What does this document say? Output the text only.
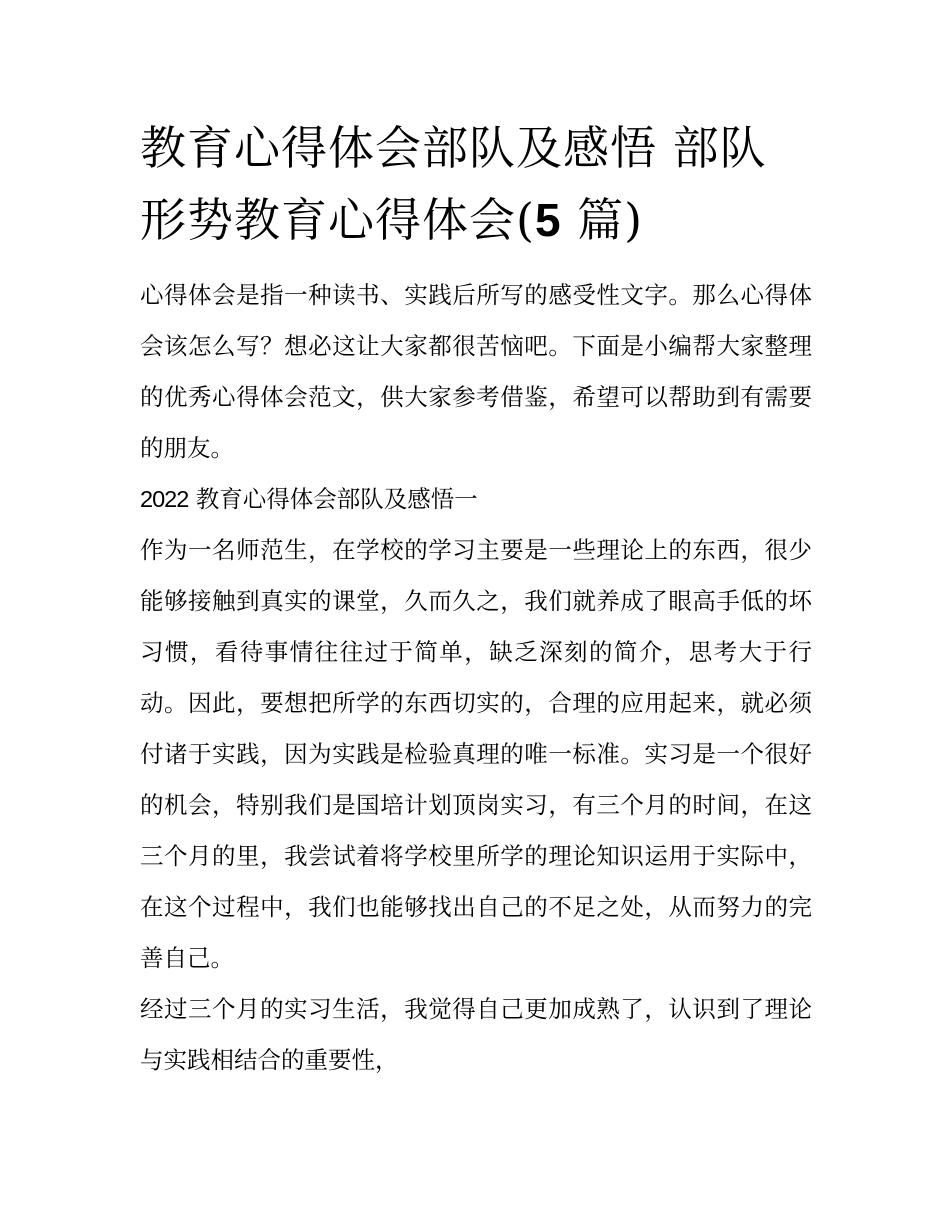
教育心得体会部队及感悟 部队形势教育心得体会(5 篇)

心得体会是指一种读书、实践后所写的感受性文字。那么心得体会该怎么写？想必这让大家都很苦恼吧。下面是小编帮大家整理的优秀心得体会范文，供大家参考借鉴，希望可以帮助到有需要的朋友。

2022 教育心得体会部队及感悟一

作为一名师范生，在学校的学习主要是一些理论上的东西，很少能够接触到真实的课堂，久而久之，我们就养成了眼高手低的坏习惯，看待事情往往过于简单，缺乏深刻的简介，思考大于行动。因此，要想把所学的东西切实的，合理的应用起来，就必须付诸于实践，因为实践是检验真理的唯一标准。实习是一个很好的机会，特别我们是国培计划顶岗实习，有三个月的时间，在这三个月的里，我尝试着将学校里所学的理论知识运用于实际中，在这个过程中，我们也能够找出自己的不足之处，从而努力的完善自己。

经过三个月的实习生活，我觉得自己更加成熟了，认识到了理论与实践相结合的重要性，
